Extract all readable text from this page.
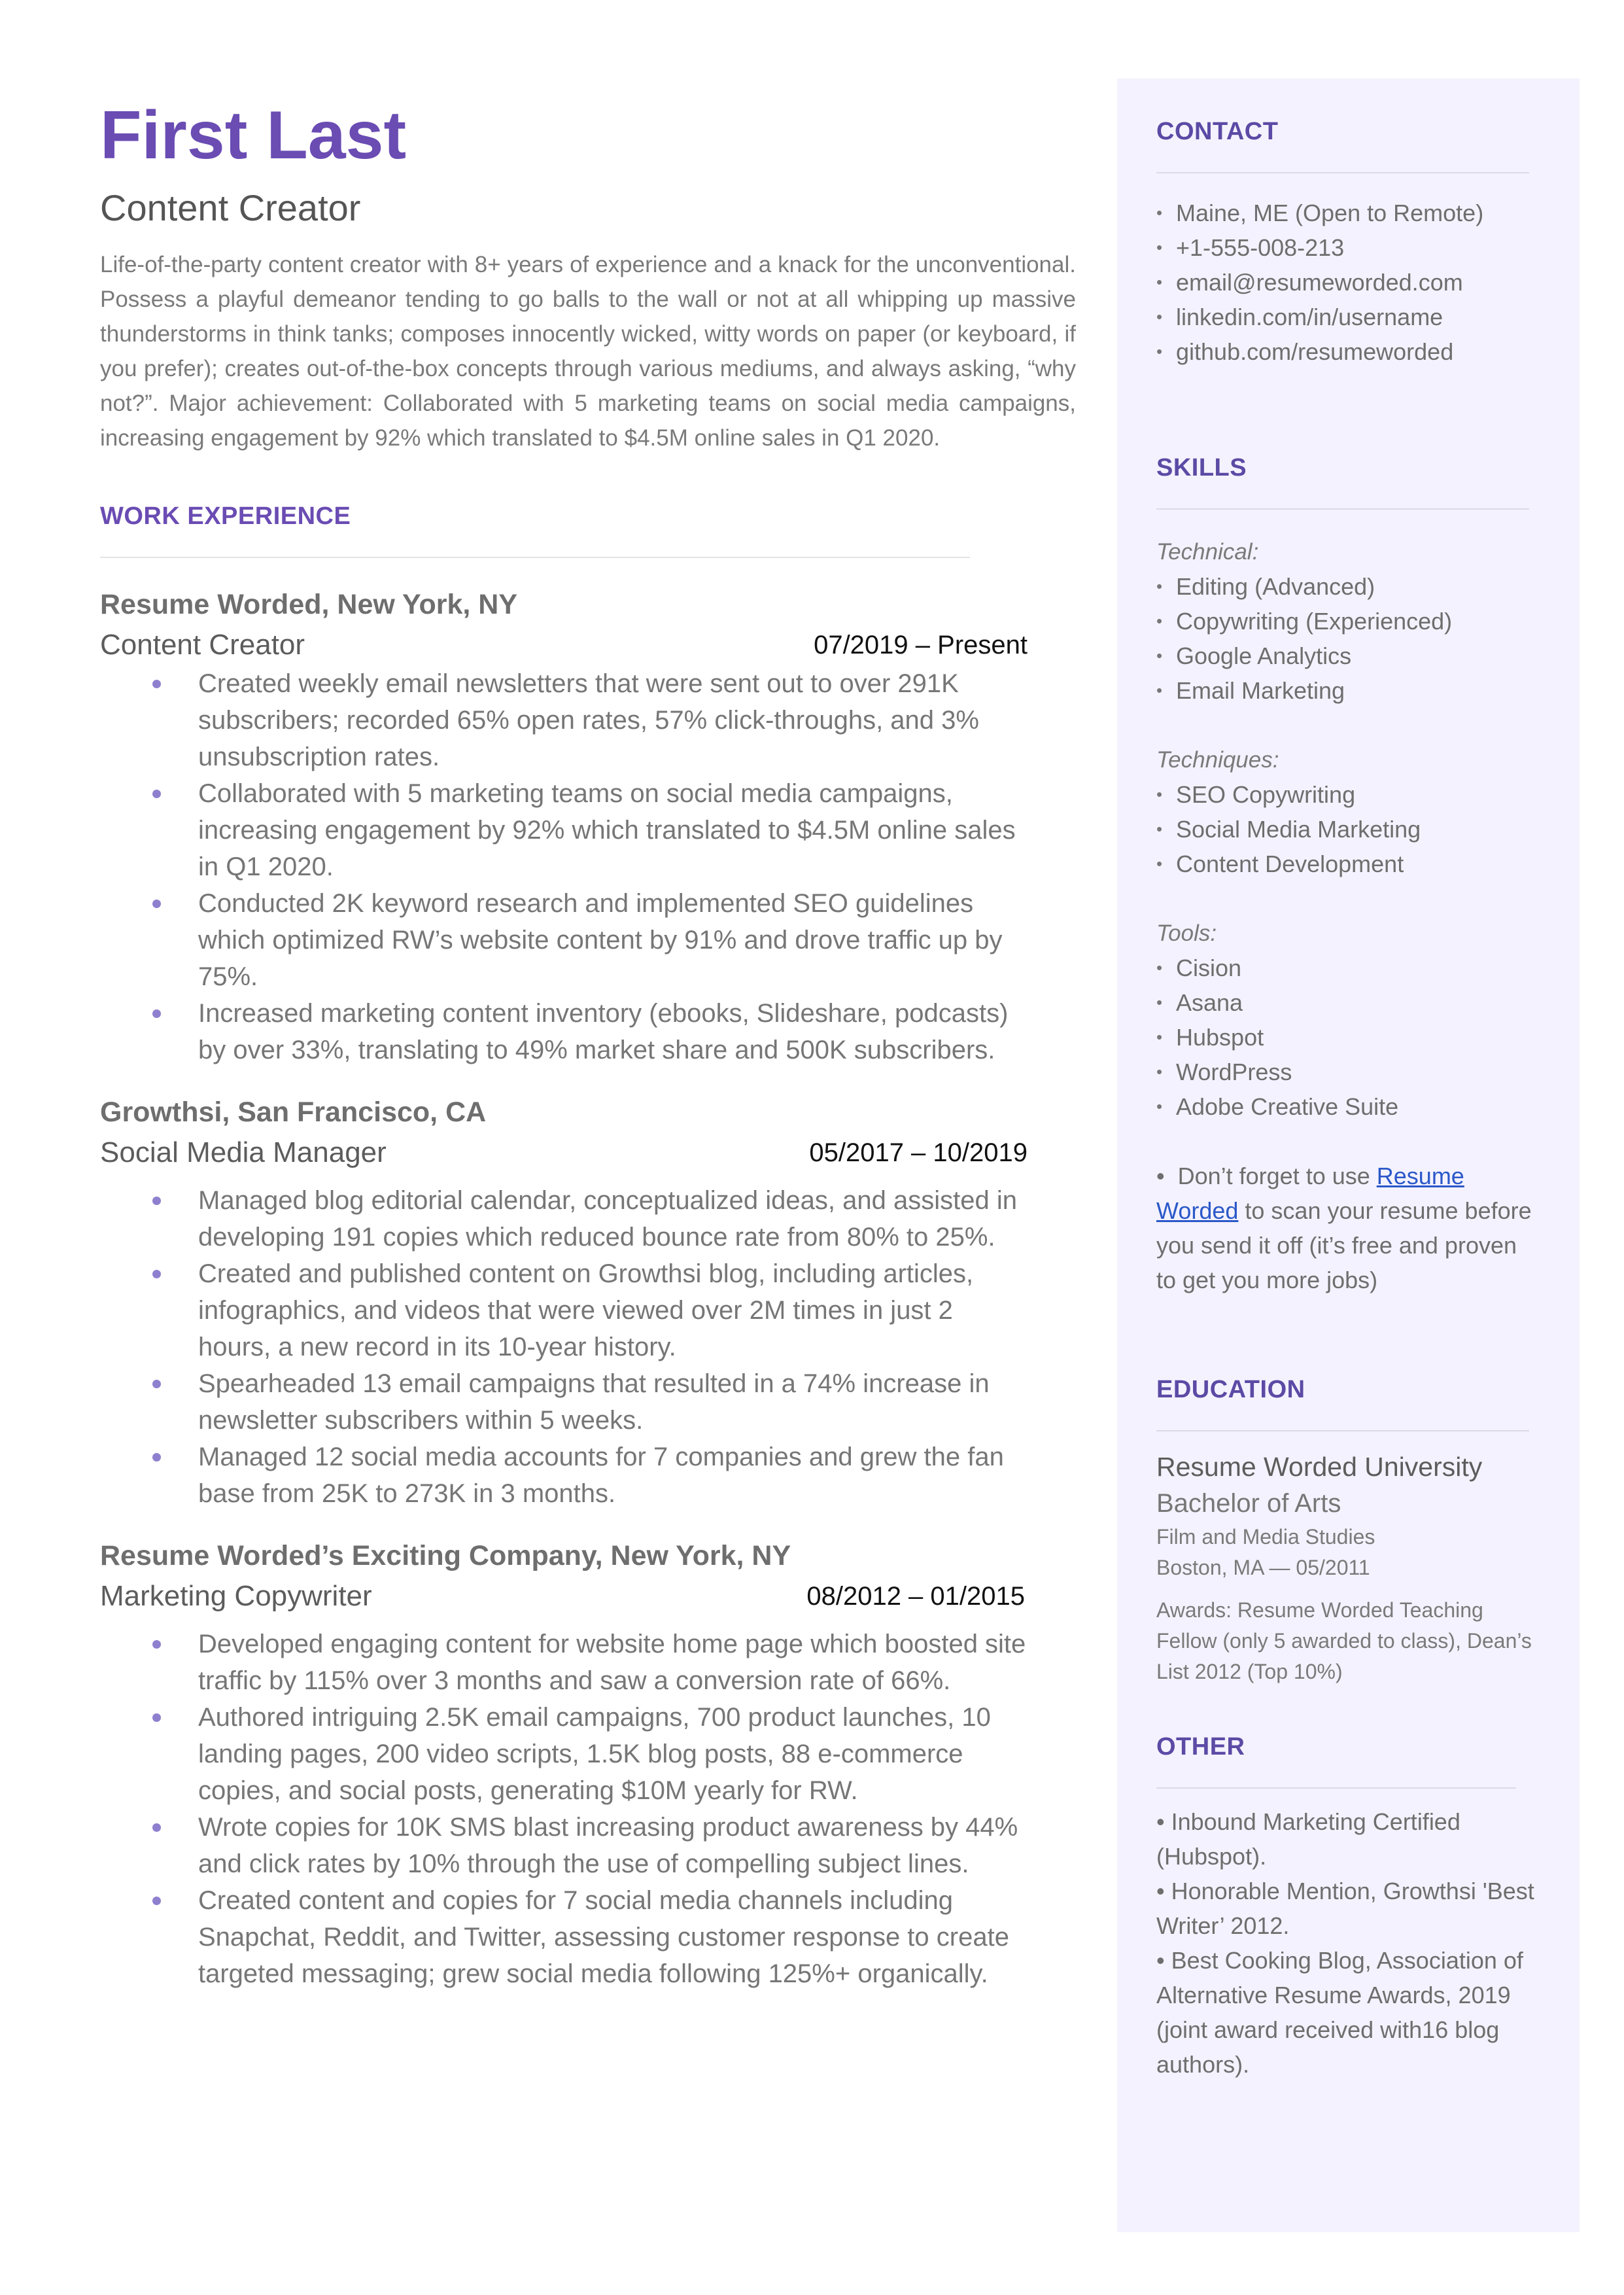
First Last
Content Creator
Life-of-the-party content creator with 8+ years of experience and a knack for the unconventional. Possess a playful demeanor tending to go balls to the wall or not at all whipping up massive thunderstorms in think tanks; composes innocently wicked, witty words on paper (or keyboard, if you prefer); creates out-of-the-box concepts through various mediums, and always asking, “why not?”. Major achievement: Collaborated with 5 marketing teams on social media campaigns, increasing engagement by 92% which translated to $4.5M online sales in Q1 2020.
WORK EXPERIENCE
Resume Worded, New York, NY
Content Creator	07/2019 – Present
Created weekly email newsletters that were sent out to over 291K subscribers; recorded 65% open rates, 57% click-throughs, and 3% unsubscription rates.
Collaborated with 5 marketing teams on social media campaigns, increasing engagement by 92% which translated to $4.5M online sales in Q1 2020.
Conducted 2K keyword research and implemented SEO guidelines which optimized RW’s website content by 91% and drove traffic up by 75%.
Increased marketing content inventory (ebooks, Slideshare, podcasts) by over 33%, translating to 49% market share and 500K subscribers.
Growthsi, San Francisco, CA
Social Media Manager	05/2017 – 10/2019
Managed blog editorial calendar, conceptualized ideas, and assisted in developing 191 copies which reduced bounce rate from 80% to 25%.
Created and published content on Growthsi blog, including articles, infographics, and videos that were viewed over 2M times in just 2 hours, a new record in its 10-year history.
Spearheaded 13 email campaigns that resulted in a 74% increase in newsletter subscribers within 5 weeks.
Managed 12 social media accounts for 7 companies and grew the fan base from 25K to 273K in 3 months.
Resume Worded’s Exciting Company, New York, NY
Marketing Copywriter	08/2012 – 01/2015
Developed engaging content for website home page which boosted site traffic by 115% over 3 months and saw a conversion rate of 66%.
Authored intriguing 2.5K email campaigns, 700 product launches, 10 landing pages, 200 video scripts, 1.5K blog posts, 88 e-commerce copies, and social posts, generating $10M yearly for RW.
Wrote copies for 10K SMS blast increasing product awareness by 44% and click rates by 10% through the use of compelling subject lines.
Created content and copies for 7 social media channels including Snapchat, Reddit, and Twitter, assessing customer response to create targeted messaging; grew social media following 125%+ organically.
CONTACT
• Maine, ME (Open to Remote)
• +1-555-008-213
• email@resumeworded.com
• linkedin.com/in/username
• github.com/resumeworded
SKILLS
Technical:
• Editing (Advanced)
• Copywriting (Experienced)
• Google Analytics
• Email Marketing
Techniques:
• SEO Copywriting
• Social Media Marketing
• Content Development
Tools:
• Cision
• Asana
• Hubspot
• WordPress
• Adobe Creative Suite
•  Don’t forget to use Resume Worded to scan your resume before you send it off (it’s free and proven to get you more jobs)
EDUCATION
Resume Worded University
Bachelor of Arts
Film and Media Studies
Boston, MA — 05/2011
Awards: Resume Worded Teaching Fellow (only 5 awarded to class), Dean’s List 2012 (Top 10%)
OTHER
• Inbound Marketing Certified (Hubspot).
• Honorable Mention, Growthsi 'Best Writer’ 2012.
• Best Cooking Blog, Association of Alternative Resume Awards, 2019 (joint award received with16 blog authors).
